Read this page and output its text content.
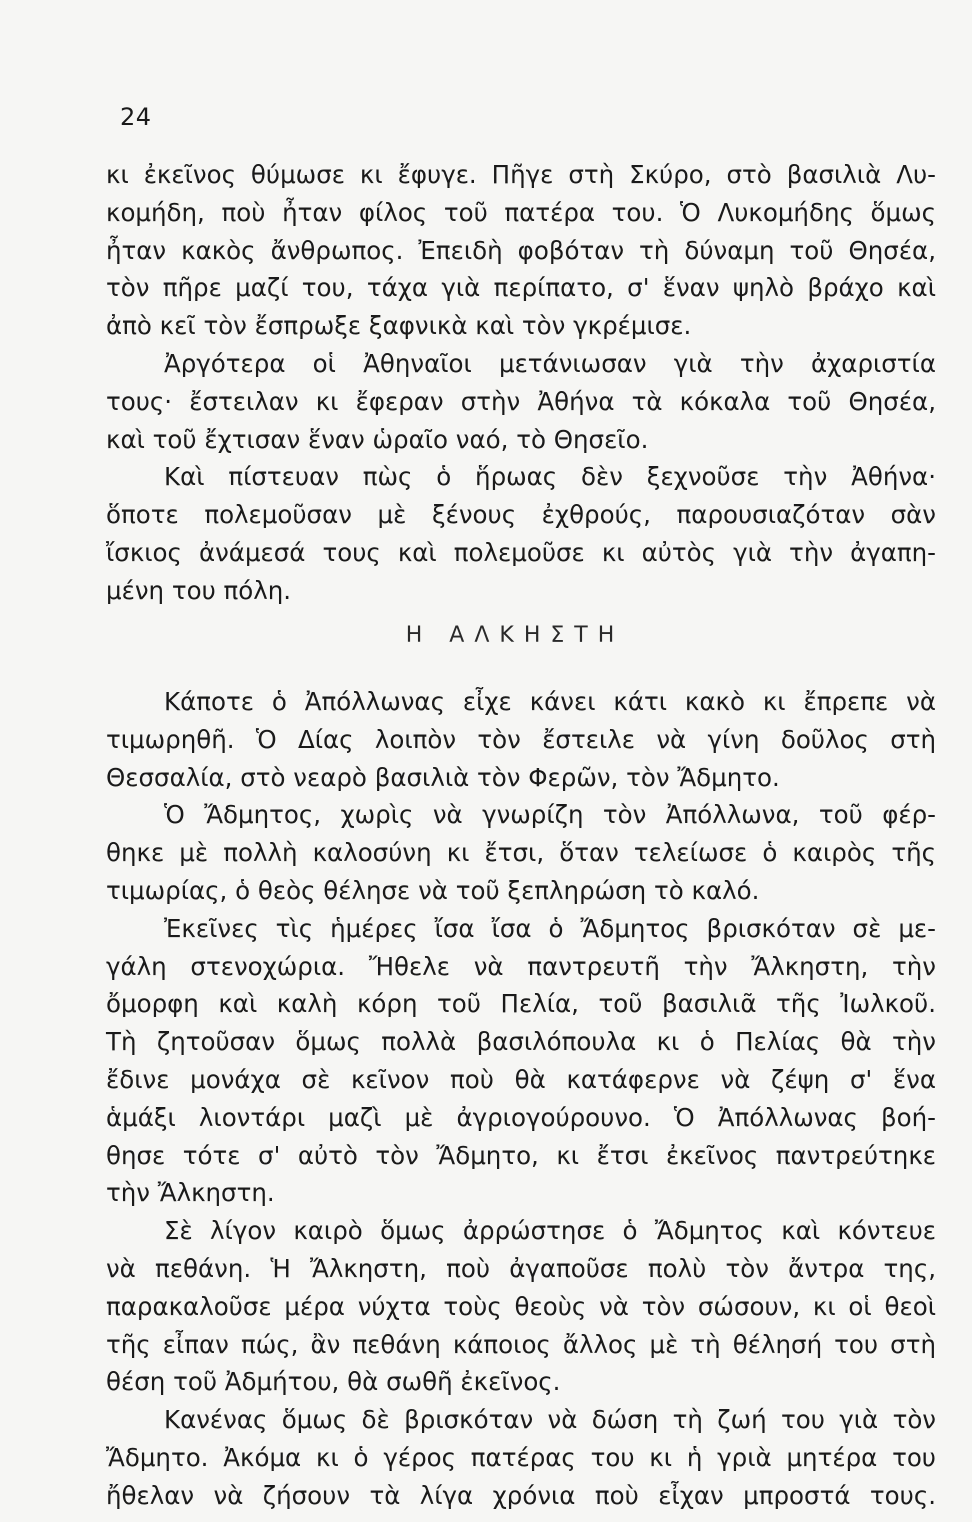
24
κι ἐκεῖνος θύμωσε κι ἔφυγε. Πῆγε στὴ Σκύρο, στὸ βασιλιὰ Λυ-
κομήδη, ποὺ ἦταν φίλος τοῦ πατέρα του. Ὁ Λυκομήδης ὅμως
ἦταν κακὸς ἄνθρωπος. Ἐπειδὴ φοβόταν τὴ δύναμη τοῦ Θησέα,
τὸν πῆρε μαζί του, τάχα γιὰ περίπατο, σ' ἕναν ψηλὸ βράχο καὶ
ἀπὸ κεῖ τὸν ἔσπρωξε ξαφνικὰ καὶ τὸν γκρέμισε.
Ἀργότερα οἱ Ἀθηναῖοι μετάνιωσαν γιὰ τὴν ἀχαριστία
τους· ἔστειλαν κι ἔφεραν στὴν Ἀθήνα τὰ κόκαλα τοῦ Θησέα,
καὶ τοῦ ἔχτισαν ἕναν ὡραῖο ναό, τὸ Θησεῖο.
Καὶ πίστευαν πὼς ὁ ἥρωας δὲν ξεχνοῦσε τὴν Ἀθήνα·
ὅποτε πολεμοῦσαν μὲ ξένους ἐχθρούς, παρουσιαζόταν σὰν
ἴσκιος ἀνάμεσά τους καὶ πολεμοῦσε κι αὐτὸς γιὰ τὴν ἀγαπη-
μένη του πόλη.
Η ΑΛΚΗΣΤΗ
Κάποτε ὁ Ἀπόλλωνας εἶχε κάνει κάτι κακὸ κι ἔπρεπε νὰ
τιμωρηθῆ. Ὁ Δίας λοιπὸν τὸν ἔστειλε νὰ γίνη δοῦλος στὴ
Θεσσαλία, στὸ νεαρὸ βασιλιὰ τὸν Φερῶν, τὸν Ἄδμητο.
Ὁ Ἄδμητος, χωρὶς νὰ γνωρίζη τὸν Ἀπόλλωνα, τοῦ φέρ-
θηκε μὲ πολλὴ καλοσύνη κι ἔτσι, ὅταν τελείωσε ὁ καιρὸς τῆς
τιμωρίας, ὁ θεὸς θέλησε νὰ τοῦ ξεπληρώση τὸ καλό.
Ἐκεῖνες τὶς ἡμέρες ἴσα ἴσα ὁ Ἄδμητος βρισκόταν σὲ με-
γάλη στενοχώρια. Ἤθελε νὰ παντρευτῆ τὴν Ἄλκηστη, τὴν
ὄμορφη καὶ καλὴ κόρη τοῦ Πελία, τοῦ βασιλιᾶ τῆς Ἰωλκοῦ.
Τὴ ζητοῦσαν ὅμως πολλὰ βασιλόπουλα κι ὁ Πελίας θὰ τὴν
ἔδινε μονάχα σὲ κεῖνον ποὺ θὰ κατάφερνε νὰ ζέψη σ' ἕνα
ἁμάξι λιοντάρι μαζὶ μὲ ἀγριογούρουνο. Ὁ Ἀπόλλωνας βοή-
θησε τότε σ' αὐτὸ τὸν Ἄδμητο, κι ἔτσι ἐκεῖνος παντρεύτηκε
τὴν Ἄλκηστη.
Σὲ λίγον καιρὸ ὅμως ἀρρώστησε ὁ Ἄδμητος καὶ κόντευε
νὰ πεθάνη. Ἡ Ἄλκηστη, ποὺ ἀγαποῦσε πολὺ τὸν ἄντρα της,
παρακαλοῦσε μέρα νύχτα τοὺς θεοὺς νὰ τὸν σώσουν, κι οἱ θεοὶ
τῆς εἶπαν πώς, ἂν πεθάνη κάποιος ἄλλος μὲ τὴ θέλησή του στὴ
θέση τοῦ Ἀδμήτου, θὰ σωθῆ ἐκεῖνος.
Κανένας ὅμως δὲ βρισκόταν νὰ δώση τὴ ζωή του γιὰ τὸν
Ἄδμητο. Ἀκόμα κι ὁ γέρος πατέρας του κι ἡ γριὰ μητέρα του
ἤθελαν νὰ ζήσουν τὰ λίγα χρόνια ποὺ εἶχαν μπροστά τους.
